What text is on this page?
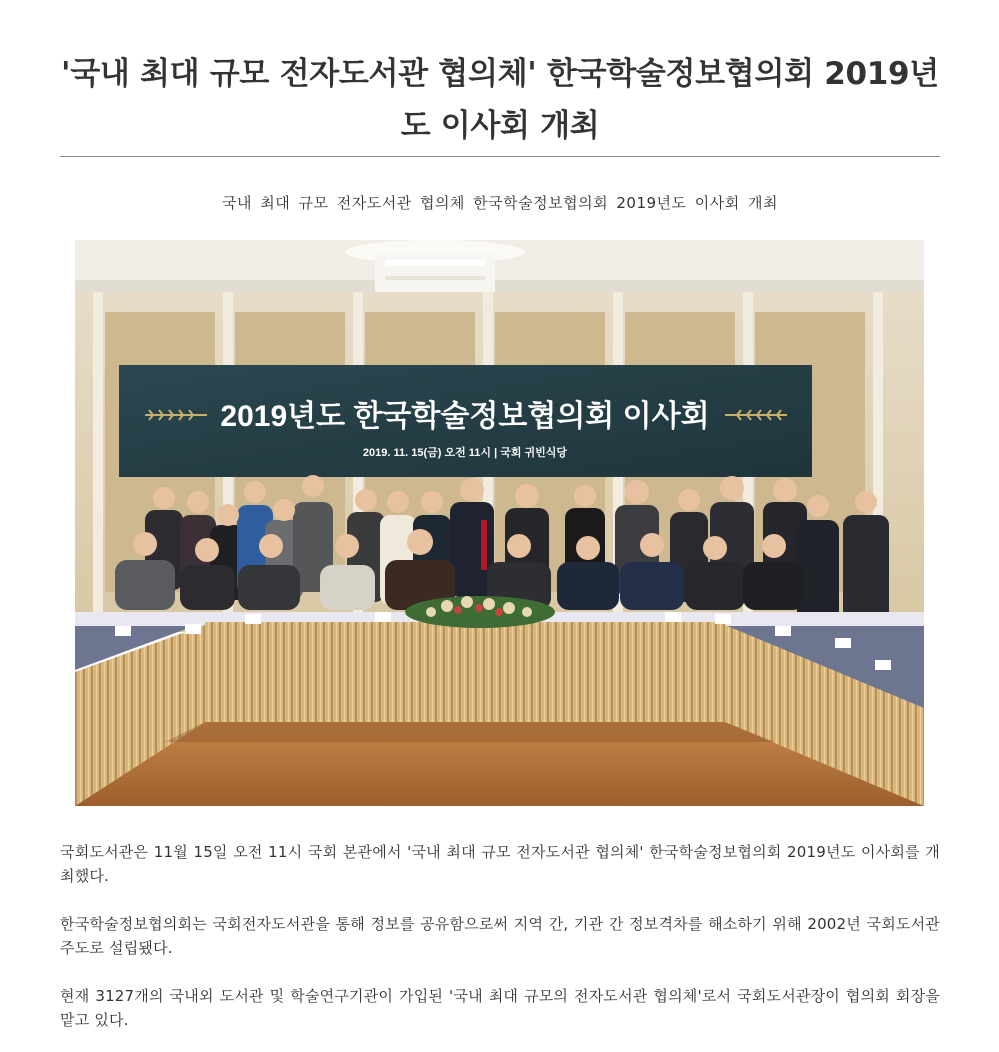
'국내 최대 규모 전자도서관 협의체' 한국학술정보협의회 2019년도 이사회 개최
국내 최대 규모 전자도서관 협의체 한국학술정보협의회 2019년도 이사회 개최
2019년도 한국학술정보협의회 이사회
2019. 11. 15(금) 오전 11시 | 국회 귀빈식당
국회도서관은 11월 15일 오전 11시 국회 본관에서 '국내 최대 규모 전자도서관 협의체' 한국학술정보협의회 2019년도 이사회를 개최했다.
한국학술정보협의회는 국회전자도서관을 통해 정보를 공유함으로써 지역 간, 기관 간 정보격차를 해소하기 위해 2002년 국회도서관 주도로 설립됐다.
현재 3127개의 국내외 도서관 및 학술연구기관이 가입된 '국내 최대 규모의 전자도서관 협의체'로서 국회도서관장이 협의회 회장을 맡고 있다.
